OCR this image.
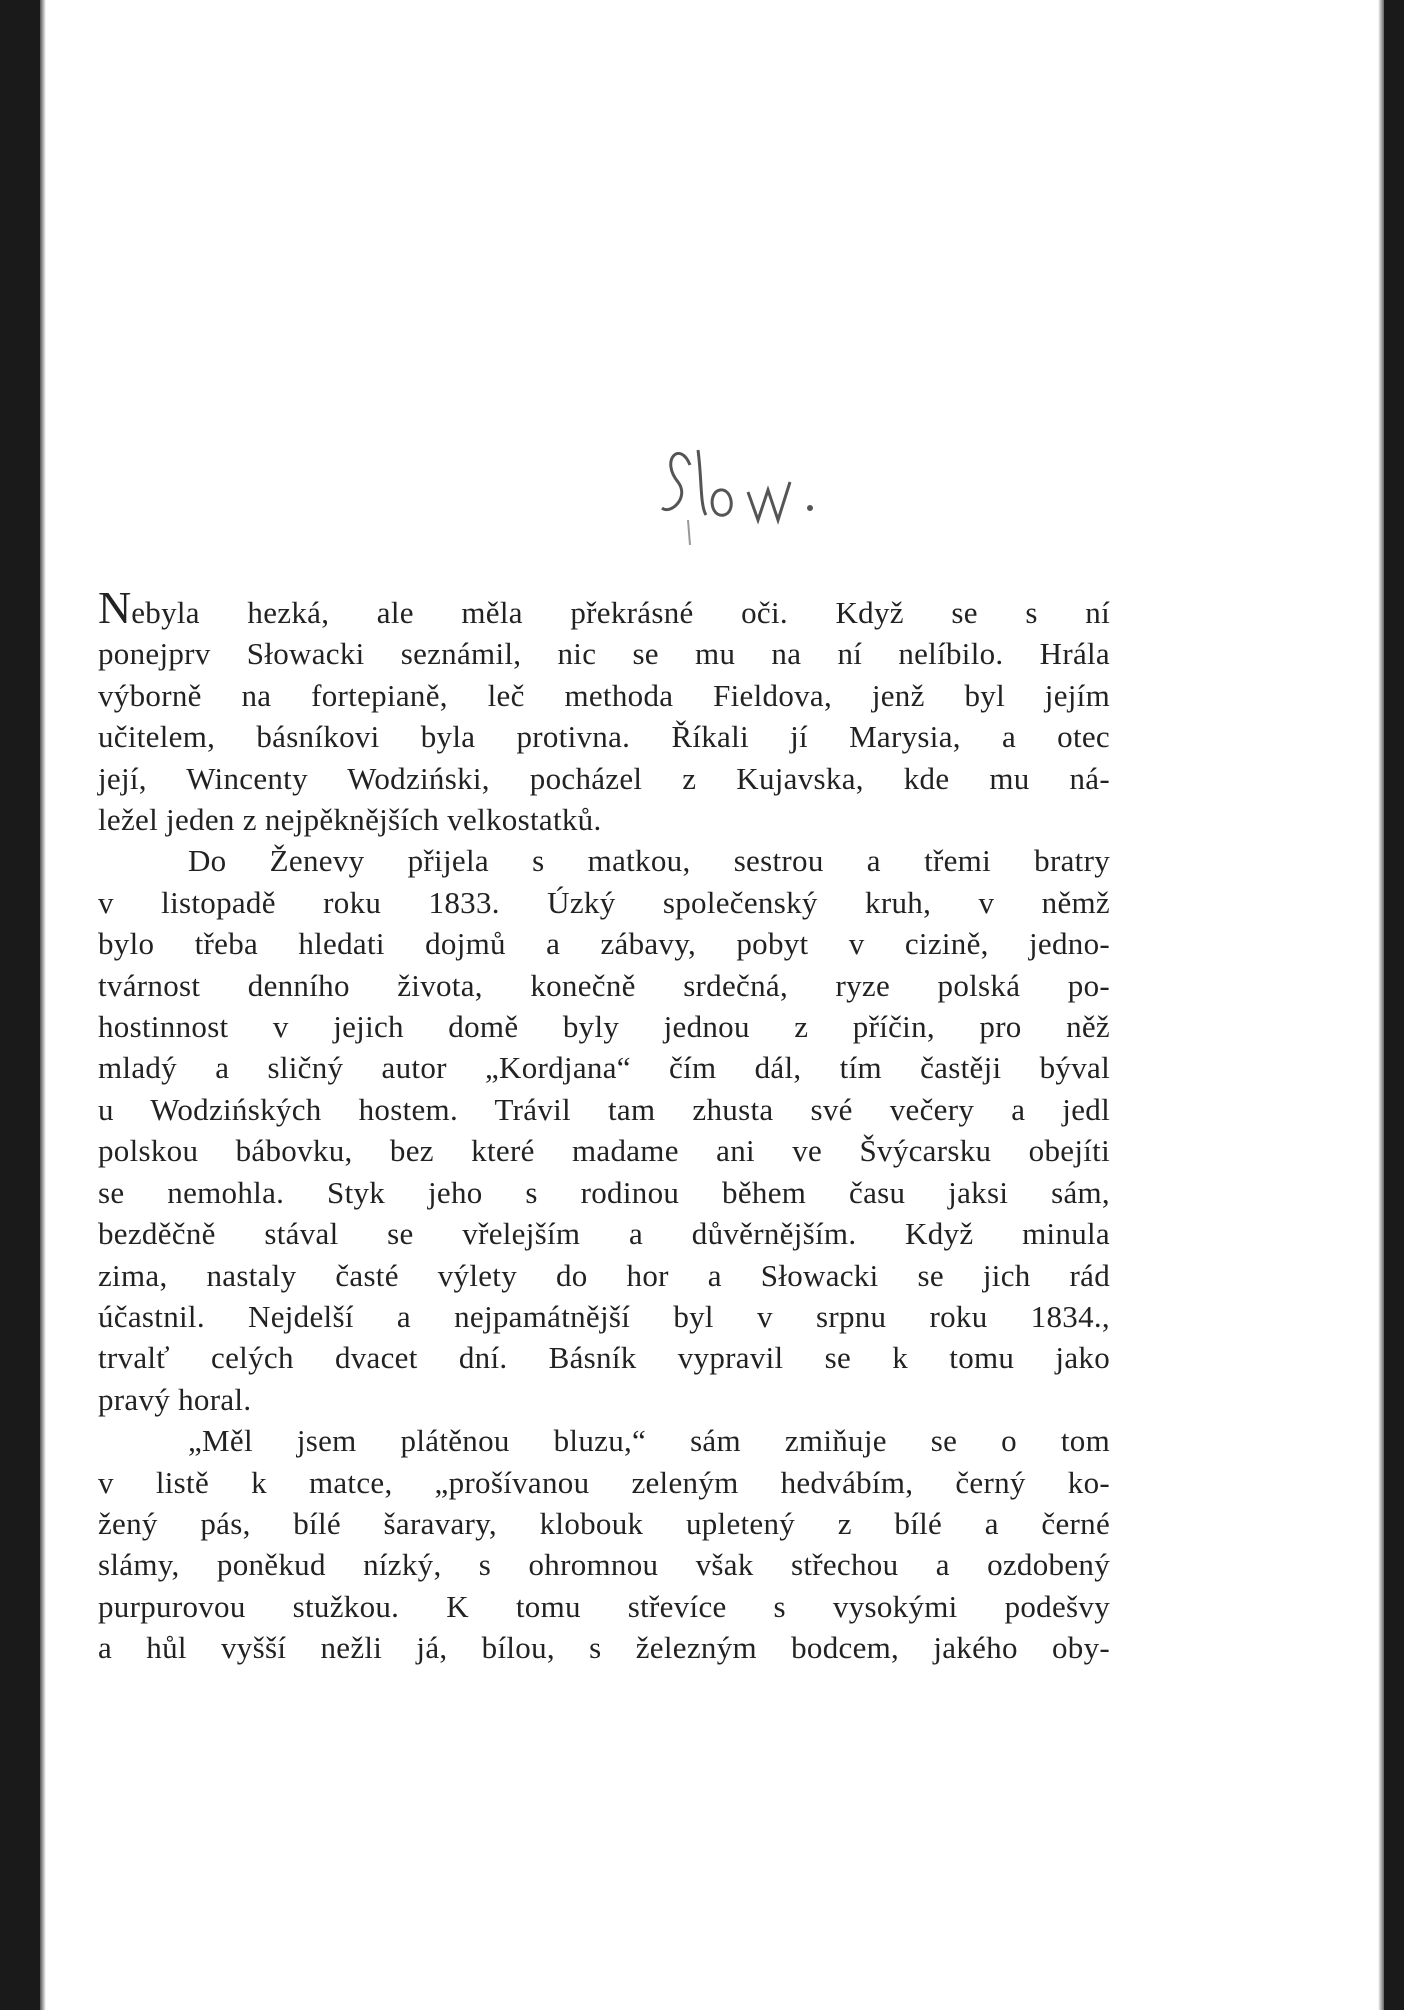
Nebyla hezká, ale měla překrásné oči. Když se s ní
ponejprv Słowacki seznámil, nic se mu na ní nelíbilo. Hrála
výborně na fortepianě, leč methoda Fieldova, jenž byl jejím
učitelem, básníkovi byla protivna. Říkali jí Marysia, a otec
její, Wincenty Wodziński, pocházel z Kujavska, kde mu ná-
ležel jeden z nejpěknějších velkostatků.

Do Ženevy přijela s matkou, sestrou a třemi bratry
v listopadě roku 1833. Úzký společenský kruh, v němž
bylo třeba hledati dojmů a zábavy, pobyt v cizině, jedno-
tvárnost denního života, konečně srdečná, ryze polská po-
hostinnost v jejich domě byly jednou z příčin, pro něž
mladý a sličný autor „Kordjana“ čím dál, tím častěji býval
u Wodzińských hostem. Trávil tam zhusta své večery a jedl
polskou bábovku, bez které madame ani ve Švýcarsku obejíti
se nemohla. Styk jeho s rodinou během času jaksi sám,
bezděčně stával se vřelejším a důvěrnějším. Když minula
zima, nastaly časté výlety do hor a Słowacki se jich rád
účastnil. Nejdelší a nejpamátnější byl v srpnu roku 1834.,
trvalť celých dvacet dní. Básník vypravil se k tomu jako
pravý horal.

„Měl jsem plátěnou bluzu,“ sám zmiňuje se o tom
v listě k matce, „prošívanou zeleným hedvábím, černý ko-
žený pás, bílé šaravary, klobouk upletený z bílé a černé
slámy, poněkud nízký, s ohromnou však střechou a ozdobený
purpurovou stužkou. K tomu střevíce s vysokými podešvy
a hůl vyšší nežli já, bílou, s železným bodcem, jakého oby-
